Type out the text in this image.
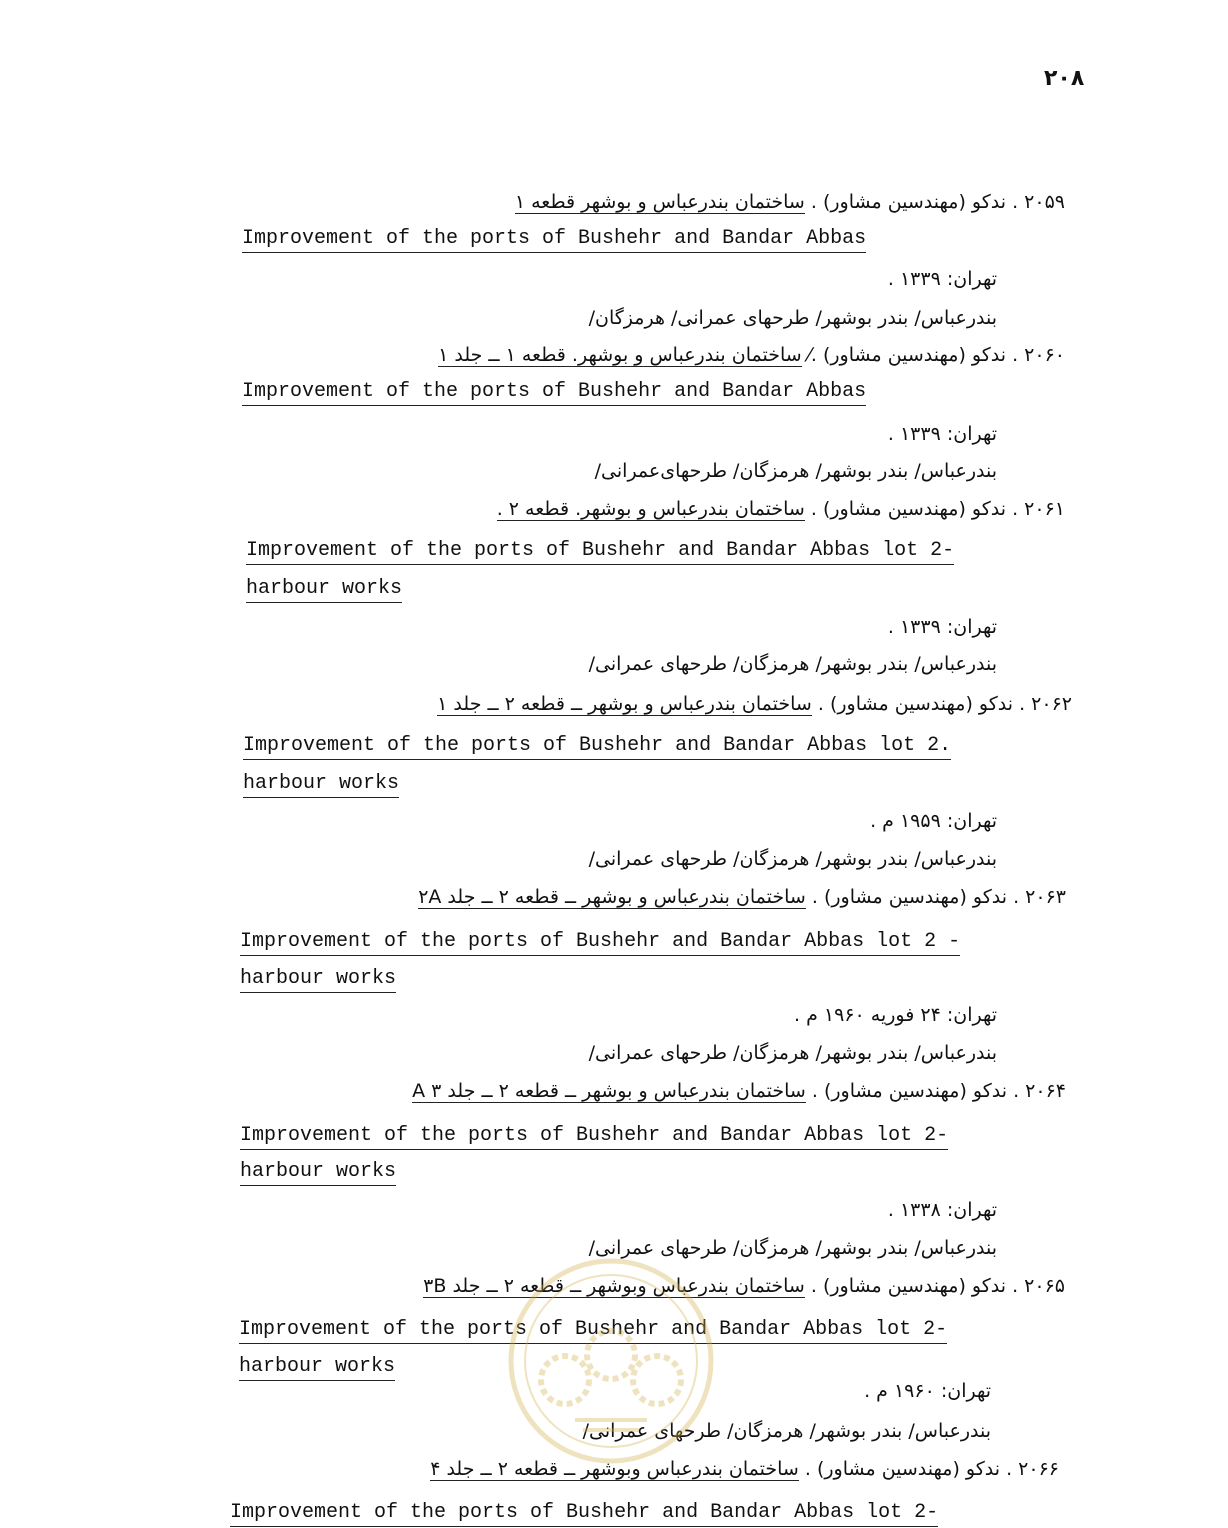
۲۰۸
۲۰۵۹ . ندکو (مهندسین مشاور) . ساختمان بندرعباس و بوشهر قطعه ۱
Improvement of the ports of Bushehr and Bandar Abbas
تهران: ۱۳۳۹ .
بندرعباس/ بندر بوشهر/ طرحهای عمرانی/ هرمزگان/
۲۰۶۰ . ندکو (مهندسین مشاور) .⁄ ساختمان بندرعباس و بوشهر. قطعه ۱ ــ جلد ۱
Improvement of the ports of Bushehr and Bandar Abbas
تهران: ۱۳۳۹ .
بندرعباس/ بندر بوشهر/ هرمزگان/ طرحهای‌عمرانی/
۲۰۶۱ . ندکو (مهندسین مشاور) . ساختمان بندرعباس و بوشهر. قطعه ۲ .
Improvement of the ports of Bushehr and Bandar Abbas lot 2-
harbour works
تهران: ۱۳۳۹ .
بندرعباس/ بندر بوشهر/ هرمزگان/ طرحهای عمرانی/
۲۰۶۲ . ندکو (مهندسین مشاور) . ساختمان بندرعباس و بوشهر ــ قطعه ۲ ــ جلد ۱
Improvement of the ports of Bushehr and Bandar Abbas lot 2.
harbour works
تهران: ۱۹۵۹ م .
بندرعباس/ بندر بوشهر/ هرمزگان/ طرحهای عمرانی/
۲۰۶۳ . ندکو (مهندسین مشاور) . ساختمان بندرعباس و بوشهر ــ قطعه ۲ ــ جلد ۲A
Improvement of the ports of Bushehr and Bandar Abbas lot 2 -
harbour works
تهران: ۲۴ فوریه ۱۹۶۰ م .
بندرعباس/ بندر بوشهر/ هرمزگان/ طرحهای عمرانی/
۲۰۶۴ . ندکو (مهندسین مشاور) . ساختمان بندرعباس و بوشهر ــ قطعه ۲ ــ جلد A ۳
Improvement of the ports of Bushehr and Bandar Abbas lot 2-
harbour works
تهران: ۱۳۳۸ .
بندرعباس/ بندر بوشهر/ هرمزگان/ طرحهای عمرانی/
۲۰۶۵ . ندکو (مهندسین مشاور) . ساختمان بندرعباس وبوشهر ــ قطعه ۲ ــ جلد ۳B
Improvement of the ports of Bushehr and Bandar Abbas lot 2-
harbour works
تهران: ۱۹۶۰ م .
بندرعباس/ بندر بوشهر/ هرمزگان/ طرحهای عمرانی/
۲۰۶۶ . ندکو (مهندسین مشاور) . ساختمان بندرعباس وبوشهر ــ قطعه ۲ ــ جلد ۴
Improvement of the ports of Bushehr and Bandar Abbas lot 2-
